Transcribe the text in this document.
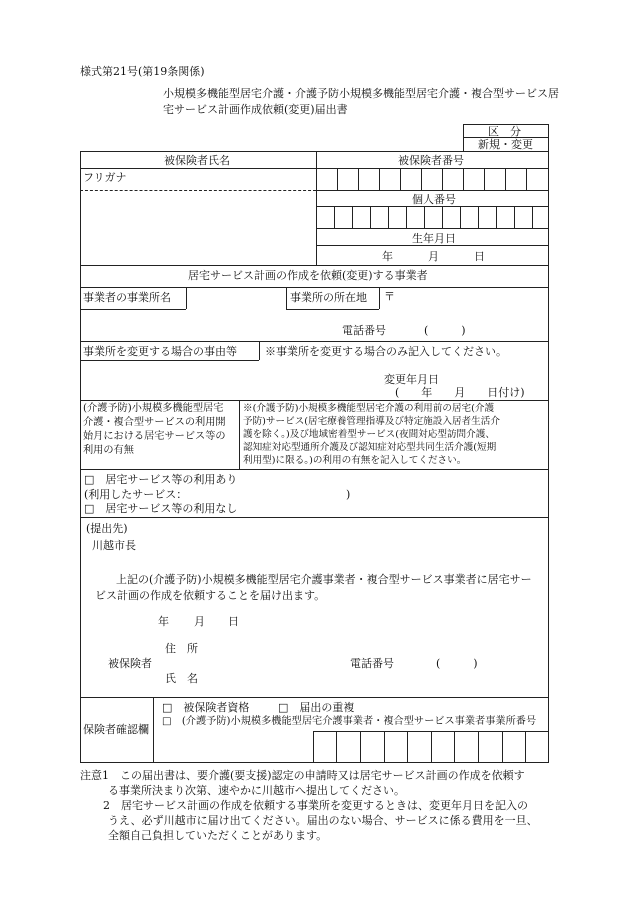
様式第21号(第19条関係)
小規模多機能型居宅介護・介護予防小規模多機能型居宅介護・複合型サービス居
宅サービス計画作成依頼(変更)届出書
区　分
新規・変更
被保険者氏名	被保険者番号
フリガナ
個人番号
生年月日
年	月	日
居宅サービス計画の作成を依頼(変更)する事業者
事業者の事業所名	事業所の所在地 〒
電話番号	(　　　)
事業所を変更する場合の事由等	※事業所を変更する場合のみ記入してください。
変更年月日
(　　年　　月　　日付け)
(介護予防)小規模多機能型居宅
介護・複合型サービスの利用開
始月における居宅サービス等の
利用の有無
※(介護予防)小規模多機能型居宅介護の利用前の居宅(介護
予防)サービス(居宅療養管理指導及び特定施設入居者生活介
護を除く。)及び地域密着型サービス(夜間対応型訪問介護、
認知症対応型通所介護及び認知症対応型共同生活介護(短期
利用型)に限る。)の利用の有無を記入してください。
□　居宅サービス等の利用あり
(利用したサービス：	)
□　居宅サービス等の利用なし
(提出先)
川越市長
上記の(介護予防)小規模多機能型居宅介護事業者・複合型サービス事業者に居宅サー
ビス計画の作成を依頼することを届け出ます。
年 月 日
住　所
被保険者
氏　名
電話番号	(　　　)
保険者確認欄
□　被保険者資格	□　届出の重複
□　(介護予防)小規模多機能型居宅介護事業者・複合型サービス事業者事業所番号
注意1　この届出書は、要介護(要支援)認定の申請時又は居宅サービス計画の作成を依頼す
る事業所決まり次第、速やかに川越市へ提出してください。
2　居宅サービス計画の作成を依頼する事業所を変更するときは、変更年月日を記入の
うえ、必ず川越市に届け出てください。届出のない場合、サービスに係る費用を一旦、
全額自己負担していただくことがあります。
